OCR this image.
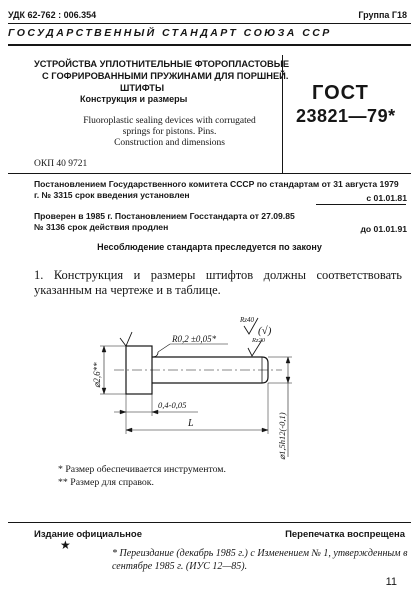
УДК 62-762 : 006.354	Группа Г18
ГОСУДАРСТВЕННЫЙ СТАНДАРТ СОЮЗА ССР
УСТРОЙСТВА УПЛОТНИТЕЛЬНЫЕ ФТОРОПЛАСТОВЫЕ
С ГОФРИРОВАННЫМИ ПРУЖИНАМИ ДЛЯ ПОРШНЕЙ.
ШТИФТЫ
Конструкция и размеры
Fluoroplastic sealing devices with corrugated
springs for pistons. Pins.
Construction and dimensions
ОКП 40 9721
ГОСТ
23821—79*
Постановлением Государственного комитета СССР по стандартам от 31 августа 1979 г. № 3315 срок введения установлен	с 01.01.81
Проверен в 1985 г. Постановлением Госстандарта от 27.09.85 № 3136 срок действия продлен	до 01.01.91
Несоблюдение стандарта преследуется по закону
1. Конструкция и размеры штифтов должны соответствовать указанным на чертеже и в таблице.
Rz40
(√)
R0,2 ±0,05*	Rz20
⌀2,6**
⌀1,5h12(-0,1)
0,4-0,05
L
* Размер обеспечивается инструментом.
** Размер для справок.
Издание официальное	Перепечатка воспрещена
★
* Переиздание (декабрь 1985 г.) с Изменением № 1, утвержденным в сентябре 1985 г. (ИУС 12—85).
11
